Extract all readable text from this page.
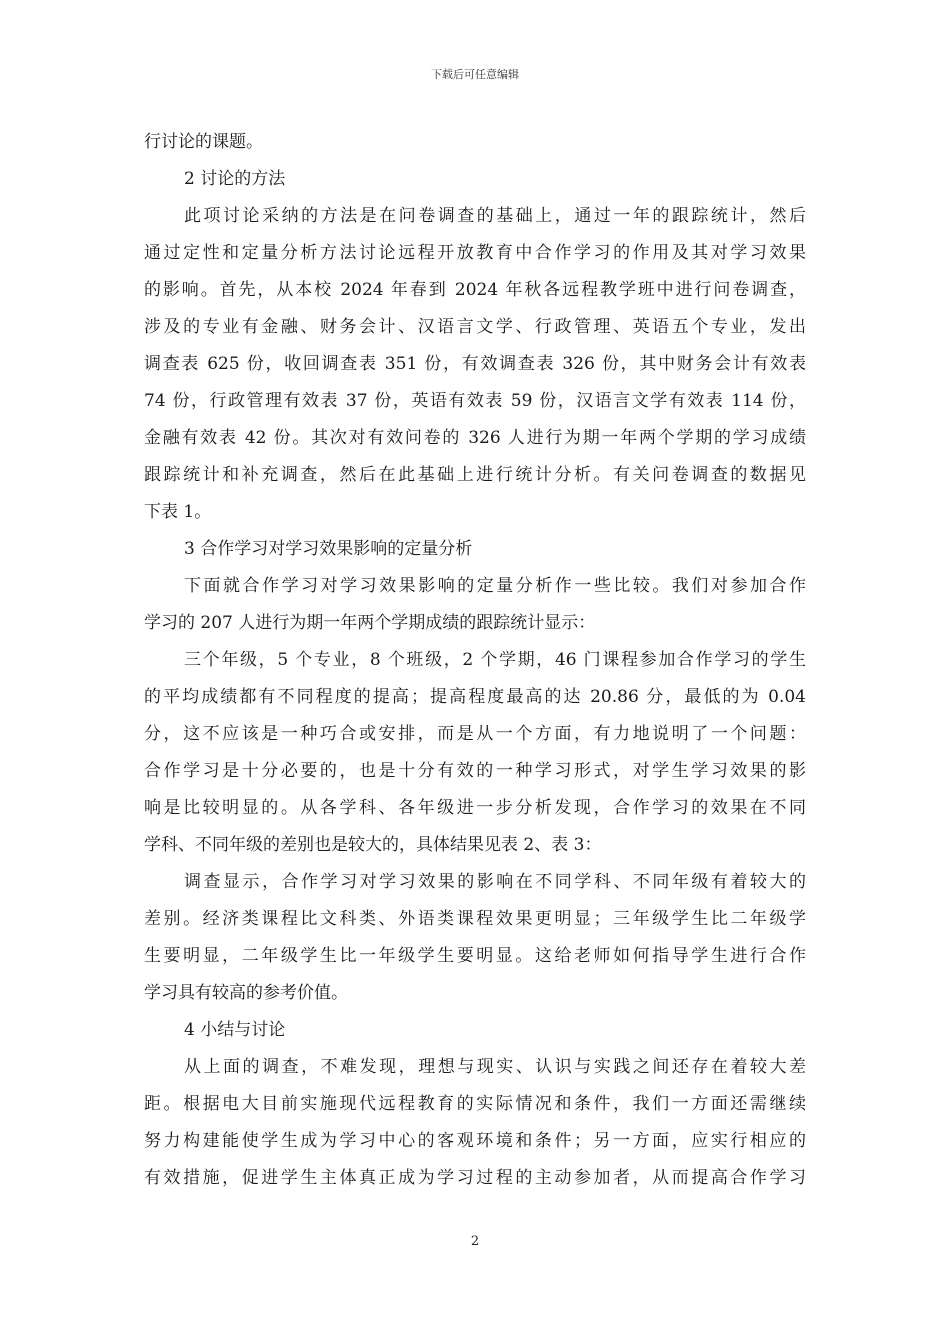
下载后可任意编辑
行讨论的课题。
2 讨论的方法
此项讨论采纳的方法是在问卷调查的基础上，通过一年的跟踪统计，然后
通过定性和定量分析方法讨论远程开放教育中合作学习的作用及其对学习效果
的影响。首先，从本校 2024 年春到 2024 年秋各远程教学班中进行问卷调查，
涉及的专业有金融、财务会计、汉语言文学、行政管理、英语五个专业，发出
调查表 625 份，收回调查表 351 份，有效调查表 326 份，其中财务会计有效表
74 份，行政管理有效表 37 份，英语有效表 59 份，汉语言文学有效表 114 份，
金融有效表 42 份。其次对有效问卷的 326 人进行为期一年两个学期的学习成绩
跟踪统计和补充调查，然后在此基础上进行统计分析。有关问卷调查的数据见
下表 1。
3 合作学习对学习效果影响的定量分析
下面就合作学习对学习效果影响的定量分析作一些比较。我们对参加合作
学习的 207 人进行为期一年两个学期成绩的跟踪统计显示：
三个年级，5 个专业，8 个班级，2 个学期，46 门课程参加合作学习的学生
的平均成绩都有不同程度的提高；提高程度最高的达 20.86 分，最低的为 0.04
分，这不应该是一种巧合或安排，而是从一个方面，有力地说明了一个问题：
合作学习是十分必要的，也是十分有效的一种学习形式，对学生学习效果的影
响是比较明显的。从各学科、各年级进一步分析发现，合作学习的效果在不同
学科、不同年级的差别也是较大的，具体结果见表 2、表 3：
调查显示，合作学习对学习效果的影响在不同学科、不同年级有着较大的
差别。经济类课程比文科类、外语类课程效果更明显；三年级学生比二年级学
生要明显，二年级学生比一年级学生要明显。这给老师如何指导学生进行合作
学习具有较高的参考价值。
4 小结与讨论
从上面的调查，不难发现，理想与现实、认识与实践之间还存在着较大差
距。根据电大目前实施现代远程教育的实际情况和条件，我们一方面还需继续
努力构建能使学生成为学习中心的客观环境和条件；另一方面，应实行相应的
有效措施，促进学生主体真正成为学习过程的主动参加者，从而提高合作学习
2
